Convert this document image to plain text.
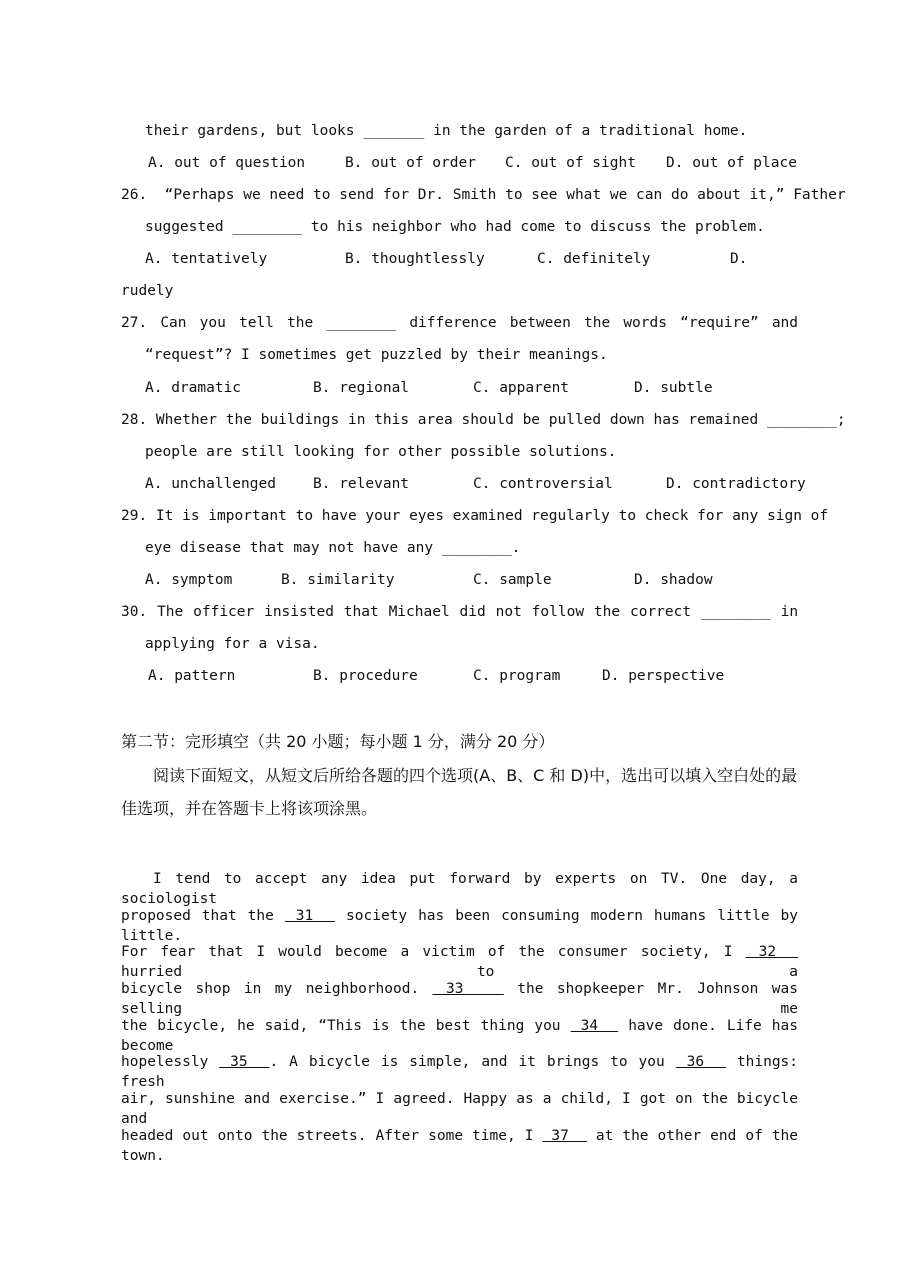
their gardens, but looks _______ in the garden of a traditional home.
A. out of question	B. out of order C. out of sight D. out of place
26.  “Perhaps we need to send for Dr. Smith to see what we can do about it,” Father
suggested ________ to his neighbor who had come to discuss the problem.
A. tentatively	B. thoughtlessly	C. definitely	D.
rudely
27. Can you tell the ________ difference between the words “require” and
“request”? I sometimes get puzzled by their meanings.
A. dramatic	B. regional	C. apparent	D. subtle
28. Whether the buildings in this area should be pulled down has remained ________;
people are still looking for other possible solutions.
A. unchallenged	B. relevant	C. controversial	D. contradictory
29. It is important to have your eyes examined regularly to check for any sign of
eye disease that may not have any ________.
A. symptom	B. similarity	C. sample	D. shadow
30. The officer insisted that Michael did not follow the correct ________ in
applying for a visa.
A. pattern	B. procedure	C. program	D. perspective
第二节：完形填空（共 20 小题；每小题 1 分，满分 20 分）
阅读下面短文，从短文后所给各题的四个选项(A、B、C 和 D)中，选出可以填入空白处的最
佳选项，并在答题卡上将该项涂黑。
I tend to accept any idea put forward by experts on TV. One day, a sociologist
proposed that the  31   society has been consuming modern humans little by little.
For fear that I would become a victim of the consumer society, I  32   hurried to a
bicycle shop in my neighborhood.  33    the shopkeeper Mr. Johnson was selling me
the bicycle, he said, “This is the best thing you  34   have done. Life has become
hopelessly  35  . A bicycle is simple, and it brings to you  36   things: fresh
air, sunshine and exercise.” I agreed. Happy as a child, I got on the bicycle and
headed out onto the streets. After some time, I  37   at the other end of the town.
